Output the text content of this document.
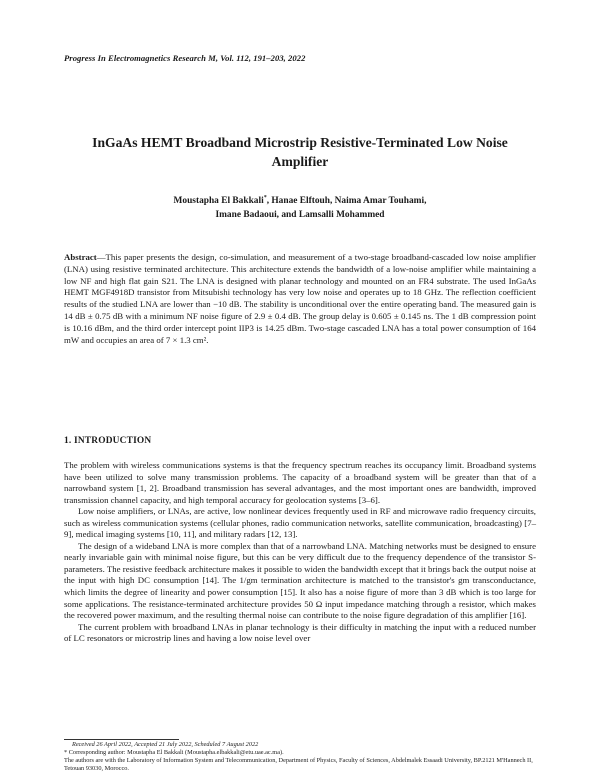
Progress In Electromagnetics Research M, Vol. 112, 191–203, 2022
InGaAs HEMT Broadband Microstrip Resistive-Terminated Low Noise Amplifier
Moustapha El Bakkali*, Hanae Elftouh, Naima Amar Touhami,
Imane Badaoui, and Lamsalli Mohammed
Abstract—This paper presents the design, co-simulation, and measurement of a two-stage broadband-cascaded low noise amplifier (LNA) using resistive terminated architecture. This architecture extends the bandwidth of a low-noise amplifier while maintaining a low NF and high flat gain S21. The LNA is designed with planar technology and mounted on an FR4 substrate. The used InGaAs HEMT MGF4918D transistor from Mitsubishi technology has very low noise and operates up to 18 GHz. The reflection coefficient results of the studied LNA are lower than −10 dB. The stability is unconditional over the entire operating band. The measured gain is 14 dB ± 0.75 dB with a minimum NF noise figure of 2.9 ± 0.4 dB. The group delay is 0.605 ± 0.145 ns. The 1 dB compression point is 10.16 dBm, and the third order intercept point IIP3 is 14.25 dBm. Two-stage cascaded LNA has a total power consumption of 164 mW and occupies an area of 7 × 1.3 cm².
1. INTRODUCTION

The problem with wireless communications systems is that the frequency spectrum reaches its occupancy limit. Broadband systems have been utilized to solve many transmission problems. The capacity of a broadband system will be greater than that of a narrowband system [1, 2]. Broadband transmission has several advantages, and the most important ones are bandwidth, improved transmission channel capacity, and high temporal accuracy for geolocation systems [3–6].

Low noise amplifiers, or LNAs, are active, low nonlinear devices frequently used in RF and microwave radio frequency circuits, such as wireless communication systems (cellular phones, radio communication networks, satellite communication, broadcasting) [7–9], medical imaging systems [10, 11], and military radars [12, 13].

The design of a wideband LNA is more complex than that of a narrowband LNA. Matching networks must be designed to ensure nearly invariable gain with minimal noise figure, but this can be very difficult due to the frequency dependence of the transistor S-parameters. The resistive feedback architecture makes it possible to widen the bandwidth except that it brings back the output noise at the input with high DC consumption [14]. The 1/gm termination architecture is matched to the transistor's gm transconductance, which limits the degree of linearity and power consumption [15]. It also has a noise figure of more than 3 dB which is too large for some applications. The resistance-terminated architecture provides 50 Ω input impedance matching through a resistor, which makes the recovered power maximum, and the resulting thermal noise can contribute to the noise figure degradation of this amplifier [16].

The current problem with broadband LNAs in planar technology is their difficulty in matching the input with a reduced number of LC resonators or microstrip lines and having a low noise level over

Received 26 April 2022, Accepted 21 July 2022, Scheduled 7 August 2022
* Corresponding author: Moustapha El Bakkali (Moustapha.elbakkali@etu.uae.ac.ma).
The authors are with the Laboratory of Information System and Telecommunication, Department of Physics, Faculty of Sciences, Abdelmalek Essaadi University, BP.2121 M'Hannech II, Tetouan 93030, Morocco.
